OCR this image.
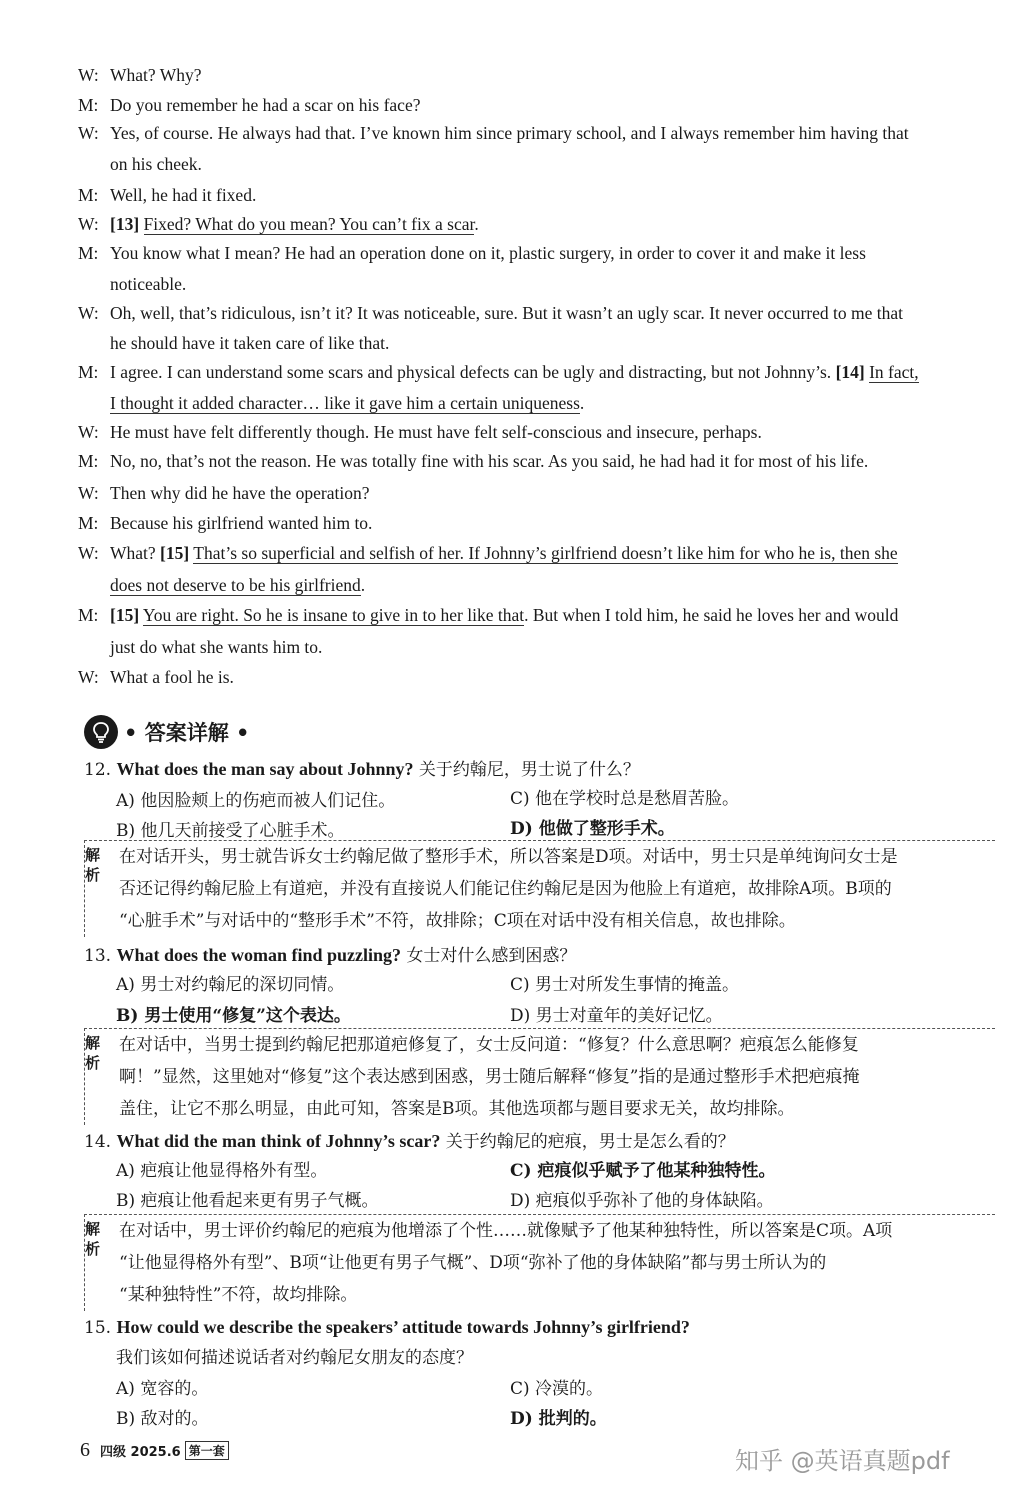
W: What? Why?
M: Do you remember he had a scar on his face?
W: Yes, of course. He always had that. I’ve known him since primary school, and I always remember him having that
on his cheek.
M: Well, he had it fixed.
W: [13] Fixed? What do you mean? You can’t fix a scar.
M: You know what I mean? He had an operation done on it, plastic surgery, in order to cover it and make it less
noticeable.
W: Oh, well, that’s ridiculous, isn’t it? It was noticeable, sure. But it wasn’t an ugly scar. It never occurred to me that
he should have it taken care of like that.
M: I agree. I can understand some scars and physical defects can be ugly and distracting, but not Johnny’s. [14] In fact,
I thought it added character… like it gave him a certain uniqueness.
W: He must have felt differently though. He must have felt self-conscious and insecure, perhaps.
M: No, no, that’s not the reason. He was totally fine with his scar. As you said, he had had it for most of his life.
W: Then why did he have the operation?
M: Because his girlfriend wanted him to.
W: What? [15] That’s so superficial and selfish of her. If Johnny’s girlfriend doesn’t like him for who he is, then she
does not deserve to be his girlfriend.
M: [15] You are right. So he is insane to give in to her like that. But when I told him, he said he loves her and would
just do what she wants him to.
W: What a fool he is.
• 答案详解 •
12. What does the man say about Johnny? 关于约翰尼，男士说了什么？
A) 他因脸颊上的伤疤而被人们记住。	C) 他在学校时总是愁眉苦脸。
B) 他几天前接受了心脏手术。	D) 他做了整形手术。
解析
在对话开头，男士就告诉女士约翰尼做了整形手术，所以答案是D项。对话中，男士只是单纯询问女士是
否还记得约翰尼脸上有道疤，并没有直接说人们能记住约翰尼是因为他脸上有道疤，故排除A项。B项的
“心脏手术”与对话中的“整形手术”不符，故排除；C项在对话中没有相关信息，故也排除。
13. What does the woman find puzzling? 女士对什么感到困惑？
A) 男士对约翰尼的深切同情。	C) 男士对所发生事情的掩盖。
B) 男士使用“修复”这个表达。	D) 男士对童年的美好记忆。
解析
在对话中，当男士提到约翰尼把那道疤修复了，女士反问道：“修复？什么意思啊？疤痕怎么能修复
啊！”显然，这里她对“修复”这个表达感到困惑，男士随后解释“修复”指的是通过整形手术把疤痕掩
盖住，让它不那么明显，由此可知，答案是B项。其他选项都与题目要求无关，故均排除。
14. What did the man think of Johnny’s scar? 关于约翰尼的疤痕，男士是怎么看的？
A) 疤痕让他显得格外有型。	C) 疤痕似乎赋予了他某种独特性。
B) 疤痕让他看起来更有男子气概。	D) 疤痕似乎弥补了他的身体缺陷。
解析
在对话中，男士评价约翰尼的疤痕为他增添了个性……就像赋予了他某种独特性，所以答案是C项。A项
“让他显得格外有型”、B项“让他更有男子气概”、D项“弥补了他的身体缺陷”都与男士所认为的
“某种独特性”不符，故均排除。
15. How could we describe the speakers’ attitude towards Johnny’s girlfriend?
我们该如何描述说话者对约翰尼女朋友的态度？
A) 宽容的。	C) 冷漠的。
B) 敌对的。	D) 批判的。
6 四级 2025.6 第一套	知乎 @英语真题pdf
